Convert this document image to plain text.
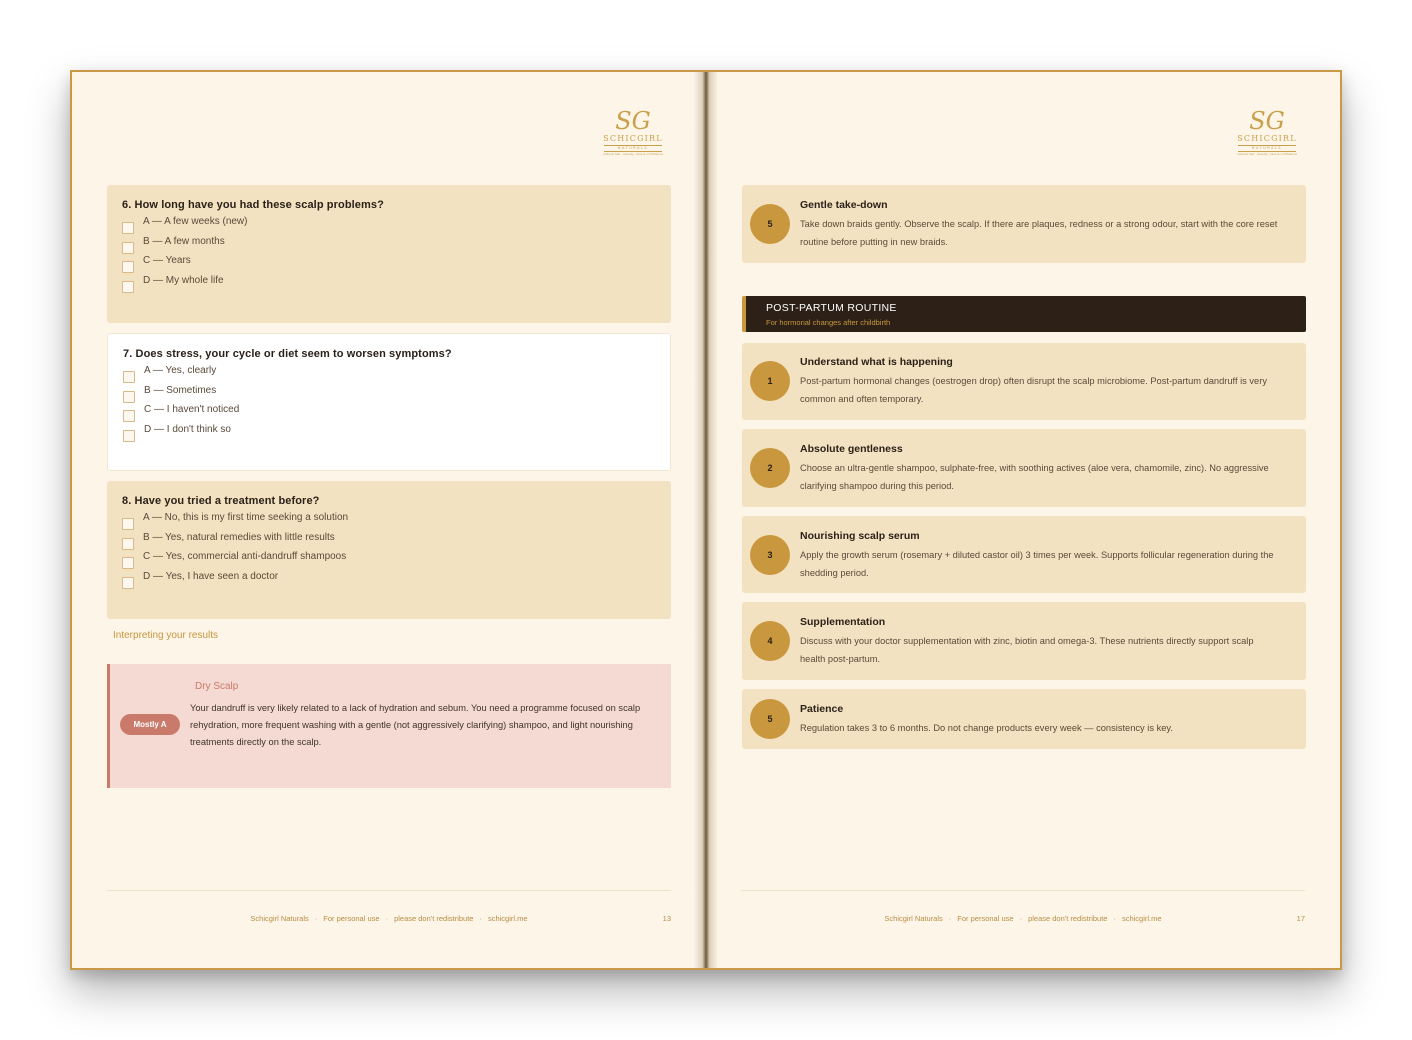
SG
SCHICGIRL
NATURALS
natural hair · beauty, care & confidence
6. How long have you had these scalp problems?
A — A few weeks (new)
B — A few months
C — Years
D — My whole life
7. Does stress, your cycle or diet seem to worsen symptoms?
A — Yes, clearly
B — Sometimes
C — I haven't noticed
D — I don't think so
8. Have you tried a treatment before?
A — No, this is my first time seeking a solution
B — Yes, natural remedies with little results
C — Yes, commercial anti-dandruff shampoos
D — Yes, I have seen a doctor
Interpreting your results
Mostly A
Dry Scalp
Your dandruff is very likely related to a lack of hydration and sebum. You need a programme focused on scalp rehydration, more frequent washing with a gentle (not aggressively clarifying) shampoo, and light nourishing treatments directly on the scalp.
Schicgirl Naturals · For personal use · please don't redistribute · schicgirl.me	13
SG
SCHICGIRL
NATURALS
natural hair · beauty, care & confidence
5
Gentle take-down
Take down braids gently. Observe the scalp. If there are plaques, redness or a strong odour, start with the core reset routine before putting in new braids.
POST-PARTUM ROUTINE
For hormonal changes after childbirth
1
Understand what is happening
Post-partum hormonal changes (oestrogen drop) often disrupt the scalp microbiome. Post-partum dandruff is very common and often temporary.
2
Absolute gentleness
Choose an ultra-gentle shampoo, sulphate-free, with soothing actives (aloe vera, chamomile, zinc). No aggressive clarifying shampoo during this period.
3
Nourishing scalp serum
Apply the growth serum (rosemary + diluted castor oil) 3 times per week. Supports follicular regeneration during the shedding period.
4
Supplementation
Discuss with your doctor supplementation with zinc, biotin and omega-3. These nutrients directly support scalp health post-partum.
5
Patience
Regulation takes 3 to 6 months. Do not change products every week — consistency is key.
Schicgirl Naturals · For personal use · please don't redistribute · schicgirl.me	17
